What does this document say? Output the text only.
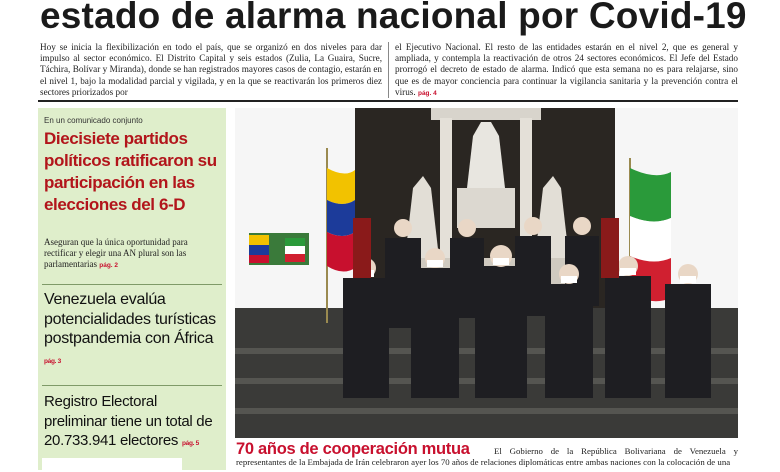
estado de alarma nacional por Covid-19
Hoy se inicia la flexibilización en todo el país, que se organizó en dos niveles para dar impulso al sector económico. El Distrito Capital y seis estados (Zulia, La Guaira, Sucre, Táchira, Bolívar y Miranda), donde se han registrados mayores casos de contagio, estarán en el nivel 1, bajo la modalidad parcial y vigilada, y en la que se reactivarán los primeros diez sectores priorizados por
el Ejecutivo Nacional. El resto de las entidades estarán en el nivel 2, que es general y ampliada, y contempla la reactivación de otros 24 sectores económicos. El Jefe del Estado prorrogó el decreto de estado de alarma. Indicó que esta semana no es para relajarse, sino que es de mayor conciencia para continuar la vigilancia sanitaria y la prevención contra el virus. pág. 4
En un comunicado conjunto
Diecisiete partidos políticos ratificaron su participación en las elecciones del 6-D
Aseguran que la única oportunidad para rectificar y elegir una AN plural son las parlamentarias pág. 2
Venezuela evalúa potencialidades turísticas postpandemia con África pág. 3
Registro Electoral preliminar tiene un total de 20.733.941 electores pág. 5	70 años de cooperación mutua	El Gobierno de la República Bolivariana de Venezuela y representantes de la Embajada de Irán celebraron ayer los 70 años de relaciones diplomáticas entre ambas naciones con la colocación de una
